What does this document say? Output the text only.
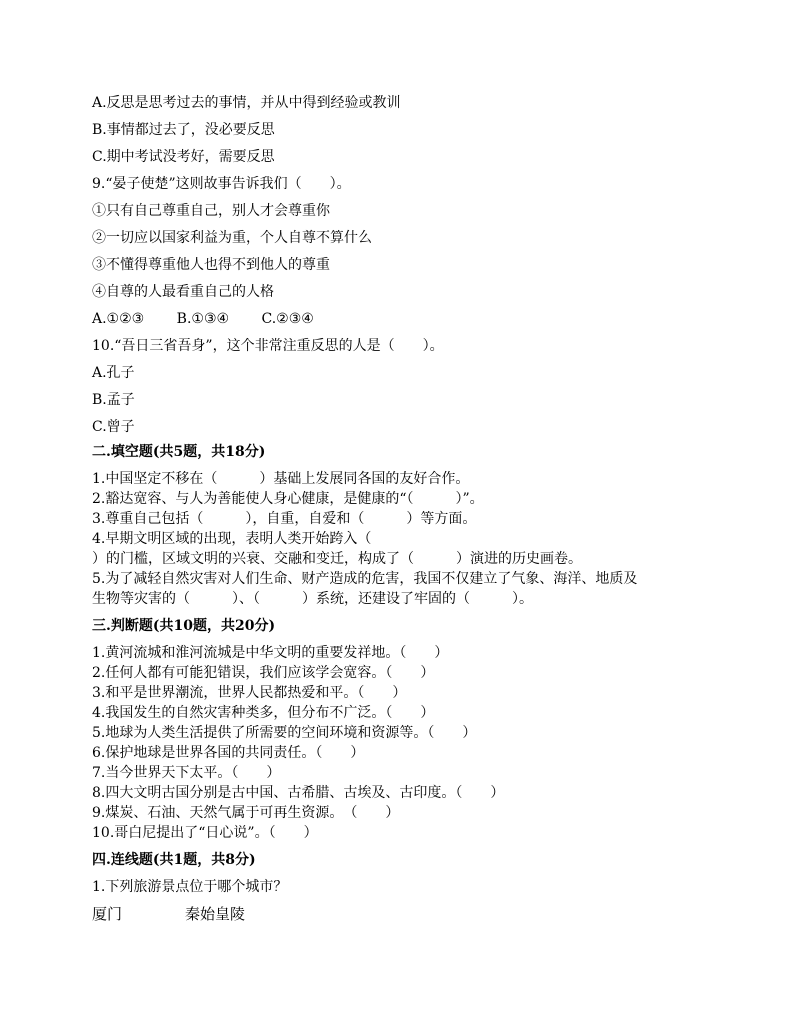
A.反思是思考过去的事情，并从中得到经验或教训
B.事情都过去了，没必要反思
C.期中考试没考好，需要反思
9.“晏子使楚”这则故事告诉我们（　　）。
①只有自己尊重自己，别人才会尊重你
②一切应以国家利益为重，个人自尊不算什么
③不懂得尊重他人也得不到他人的尊重
④自尊的人最看重自己的人格
A.①②③　　 B.①③④　　 C.②③④
10.“吾日三省吾身”，这个非常注重反思的人是（　　）。
A.孔子
B.孟子
C.曾子
二.填空题(共5题，共18分)
1.中国坚定不移在（　　　）基础上发展同各国的友好合作。
2.豁达宽容、与人为善能使人身心健康，是健康的“（　　　）”。
3.尊重自己包括（　　　），自重，自爱和（　　　）等方面。
4.早期文明区域的出现，表明人类开始跨入（
）的门槛，区域文明的兴衰、交融和变迁，构成了（　　　）演进的历史画卷。
5.为了减轻自然灾害对人们生命、财产造成的危害，我国不仅建立了气象、海洋、地质及
生物等灾害的（　　　）、（　　　）系统，还建设了牢固的（　　　）。
三.判断题(共10题，共20分)
1.黄河流城和淮河流城是中华文明的重要发祥地。（　　）
2.任何人都有可能犯错误，我们应该学会宽容。（　　）
3.和平是世界潮流，世界人民都热爱和平。（　　）
4.我国发生的自然灾害种类多，但分布不广泛。（　　）
5.地球为人类生活提供了所需要的空间环境和资源等。（　　）
6.保护地球是世界各国的共同责任。（　　）
7.当今世界天下太平。（　　）
8.四大文明古国分别是古中国、古希腊、古埃及、古印度。（　　）
9.煤炭、石油、天然气属于可再生资源。　（　　）
10.哥白尼提出了“日心说”。（　　）
四.连线题(共1题，共8分)
1.下列旅游景点位于哪个城市？
厦门	秦始皇陵
